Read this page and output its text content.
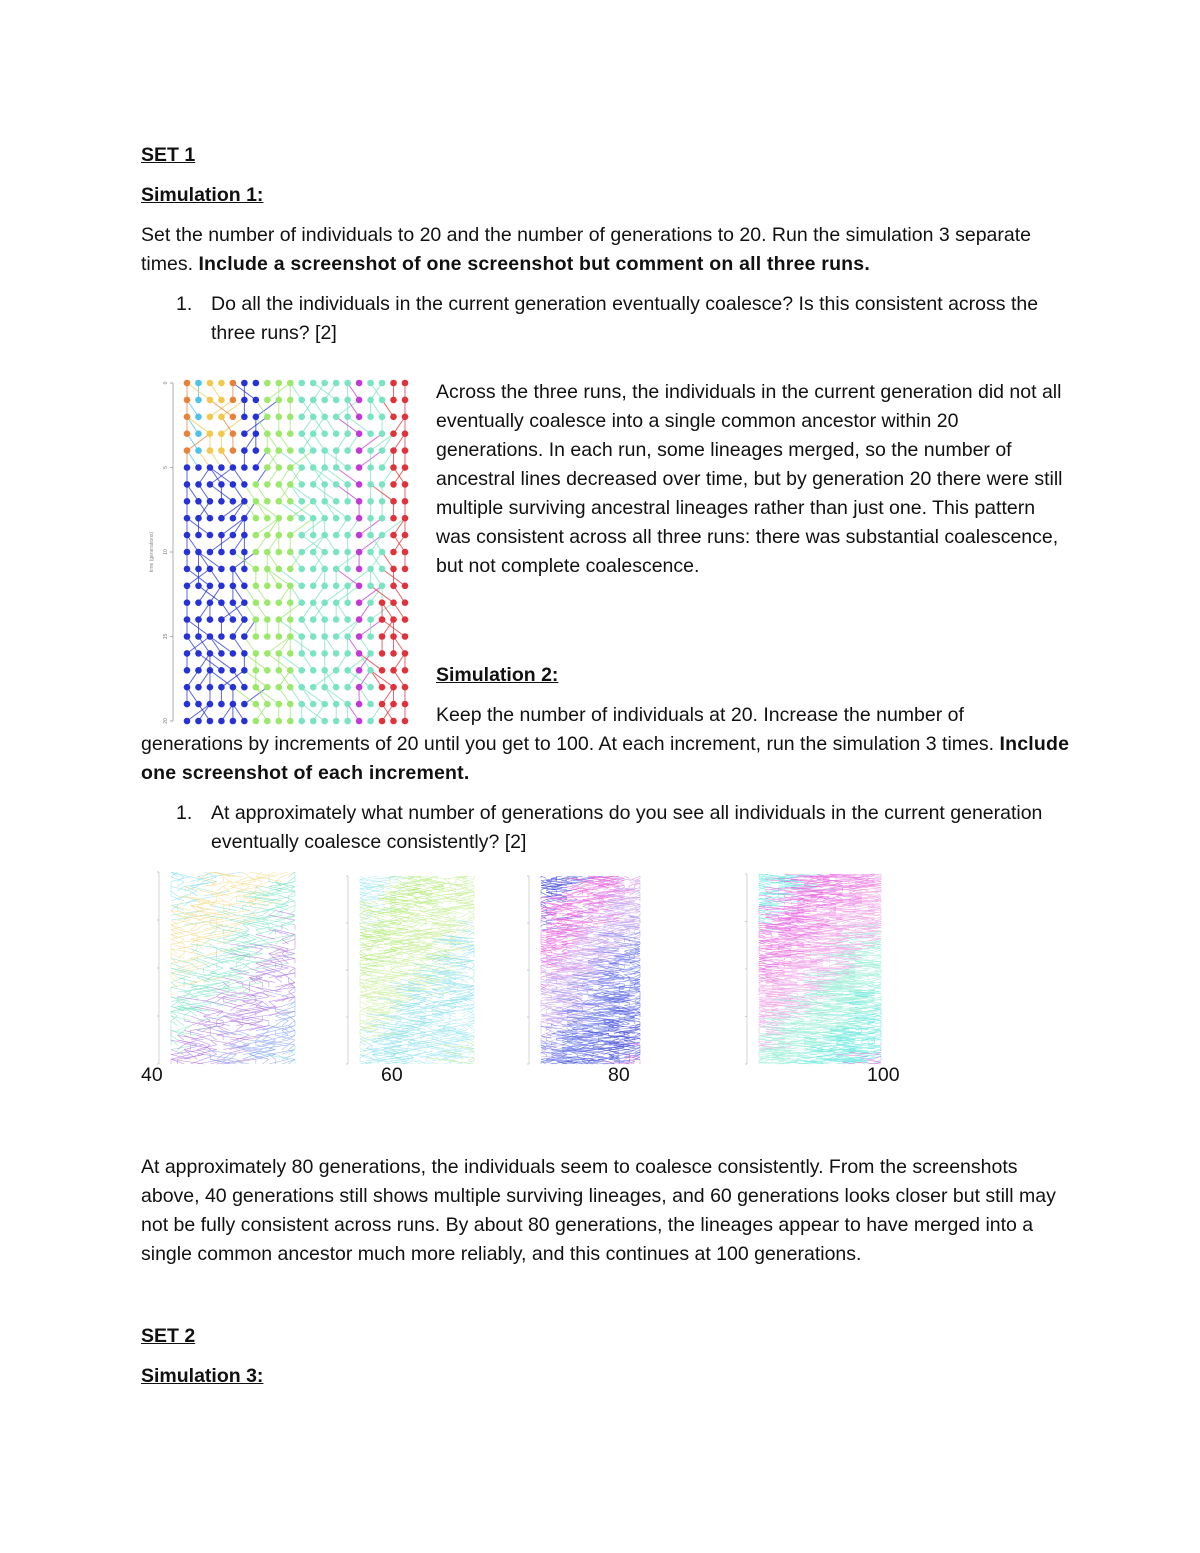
SET 1
Simulation 1:
Set the number of individuals to 20 and the number of generations to 20. Run the simulation 3 separate times. Include a screenshot of one screenshot but comment on all three runs.
1. Do all the individuals in the current generation eventually coalesce? Is this consistent across the three runs? [2]
0
5
10
15
20
time (generations)
Across the three runs, the individuals in the current generation did not all eventually coalesce into a single common ancestor within 20 generations. In each run, some lineages merged, so the number of ancestral lines decreased over time, but by generation 20 there were still multiple surviving ancestral lineages rather than just one. This pattern was consistent across all three runs: there was substantial coalescence, but not complete coalescence.
Simulation 2:
Keep the number of individuals at 20. Increase the number of generations by increments of 20 until you get to 100. At each increment, run the simulation 3 times. Include one screenshot of each increment.
1. At approximately what number of generations do you see all individuals in the current generation eventually coalesce consistently? [2]
40	60	80	100
At approximately 80 generations, the individuals seem to coalesce consistently. From the screenshots above, 40 generations still shows multiple surviving lineages, and 60 generations looks closer but still may not be fully consistent across runs. By about 80 generations, the lineages appear to have merged into a single common ancestor much more reliably, and this continues at 100 generations.
SET 2
Simulation 3:
